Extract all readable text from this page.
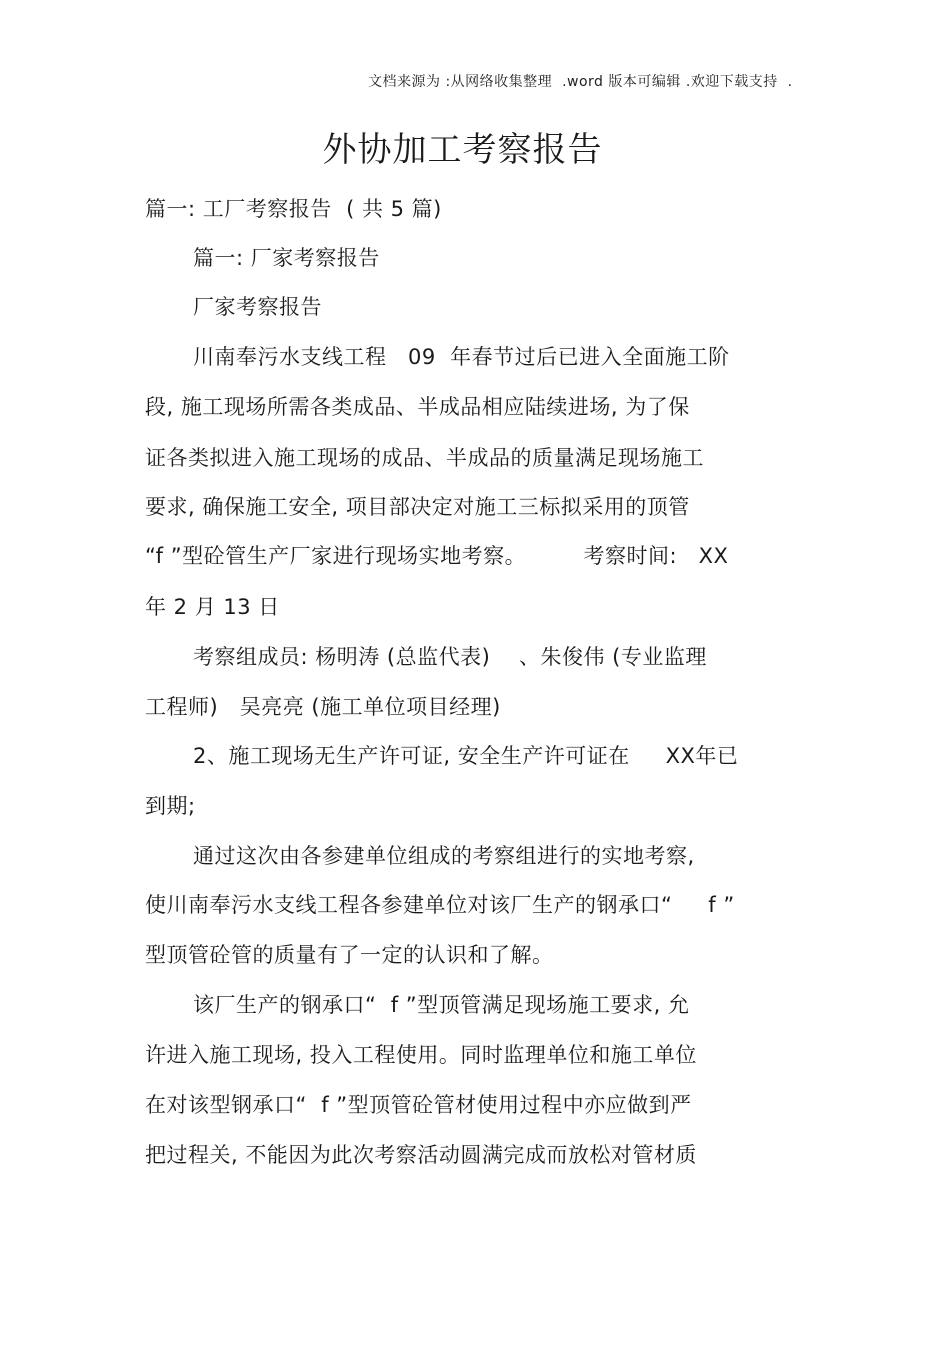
文档来源为 :从网络收集整理  .word 版本可编辑 .欢迎下载支持  .
外协加工考察报告
篇一: 工厂考察报告  ( 共 5 篇)
篇一: 厂家考察报告
厂家考察报告
川南奉污水支线工程   09  年春节过后已进入全面施工阶
段, 施工现场所需各类成品、半成品相应陆续进场, 为了保
证各类拟进入施工现场的成品、半成品的质量满足现场施工
要求, 确保施工安全, 项目部决定对施工三标拟采用的顶管
“f ”型砼管生产厂家进行现场实地考察。        考察时间:   XX
年 2 月 13 日
考察组成员: 杨明涛 (总监代表)    、朱俊伟 (专业监理
工程师)   吴亮亮 (施工单位项目经理)
2、施工现场无生产许可证, 安全生产许可证在     XX年已
到期;
通过这次由各参建单位组成的考察组进行的实地考察,
使川南奉污水支线工程各参建单位对该厂生产的钢承口“     f ”
型顶管砼管的质量有了一定的认识和了解。
该厂生产的钢承口“  f ”型顶管满足现场施工要求, 允
许进入施工现场, 投入工程使用。同时监理单位和施工单位
在对该型钢承口“  f ”型顶管砼管材使用过程中亦应做到严
把过程关, 不能因为此次考察活动圆满完成而放松对管材质
